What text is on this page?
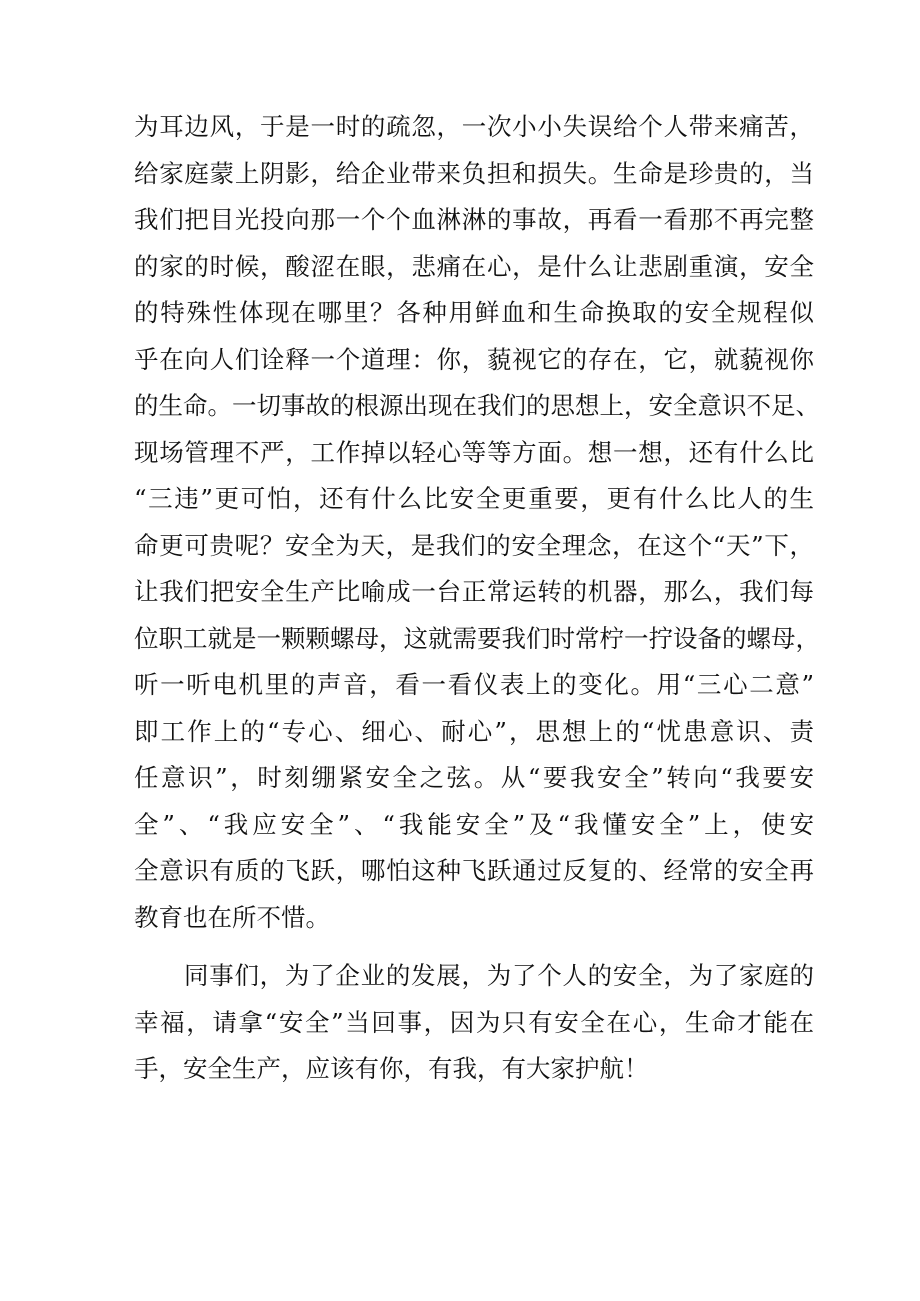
为耳边风，于是一时的疏忽，一次小小失误给个人带来痛苦，
给家庭蒙上阴影，给企业带来负担和损失。生命是珍贵的，当
我们把目光投向那一个个血淋淋的事故，再看一看那不再完整
的家的时候，酸涩在眼，悲痛在心，是什么让悲剧重演，安全
的特殊性体现在哪里？各种用鲜血和生命换取的安全规程似
乎在向人们诠释一个道理：你，藐视它的存在，它，就藐视你
的生命。一切事故的根源出现在我们的思想上，安全意识不足、
现场管理不严，工作掉以轻心等等方面。想一想，还有什么比
“三违”更可怕，还有什么比安全更重要，更有什么比人的生
命更可贵呢？安全为天，是我们的安全理念，在这个“天”下，
让我们把安全生产比喻成一台正常运转的机器，那么，我们每
位职工就是一颗颗螺母，这就需要我们时常柠一拧设备的螺母，
听一听电机里的声音，看一看仪表上的变化。用“三心二意”
即工作上的“专心、细心、耐心”，思想上的“忧患意识、责
任意识”，时刻绷紧安全之弦。从“要我安全”转向“我要安
全”、“我应安全”、“我能安全”及“我懂安全”上，使安
全意识有质的飞跃，哪怕这种飞跃通过反复的、经常的安全再
教育也在所不惜。
同事们，为了企业的发展，为了个人的安全，为了家庭的
幸福，请拿“安全”当回事，因为只有安全在心，生命才能在
手，安全生产，应该有你，有我，有大家护航！
